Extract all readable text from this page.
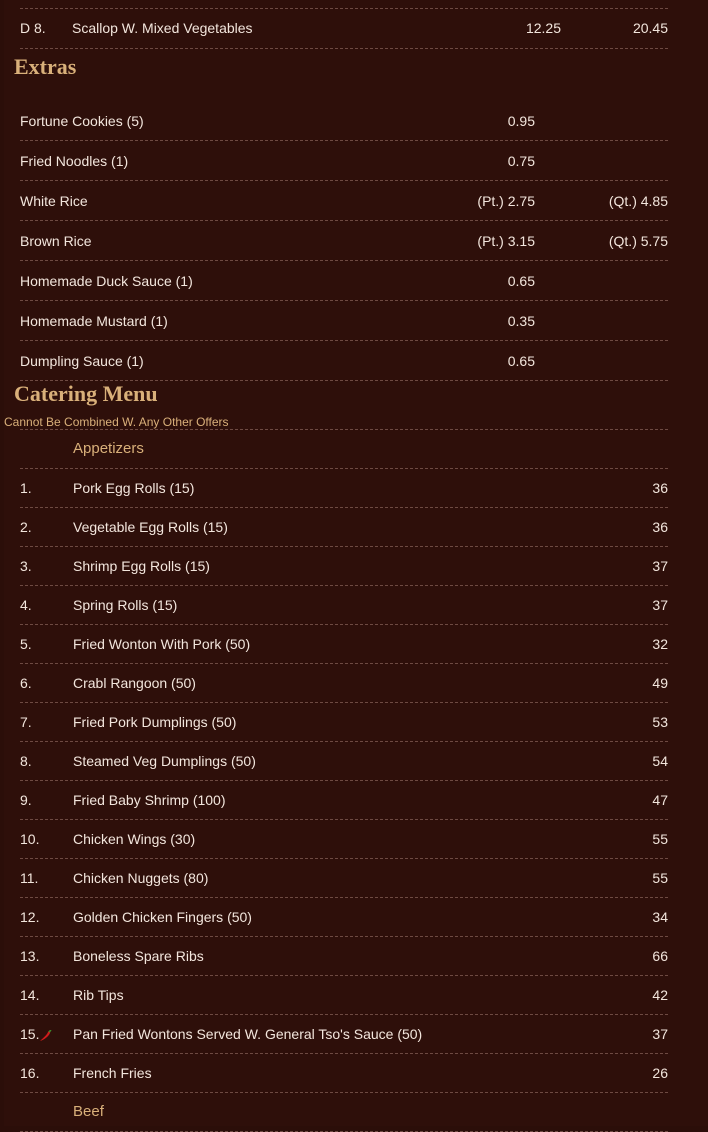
D 8. Scallop W. Mixed Vegetables	12.25	20.45
Extras
Fortune Cookies (5)	0.95
Fried Noodles (1)	0.75
White Rice	(Pt.) 2.75	(Qt.) 4.85
Brown Rice	(Pt.) 3.15	(Qt.) 5.75
Homemade Duck Sauce (1)	0.65
Homemade Mustard (1)	0.35
Dumpling Sauce (1)	0.65
Catering Menu
Cannot Be Combined W. Any Other Offers
Appetizers
1.	Pork Egg Rolls (15)	36
2.	Vegetable Egg Rolls (15)	36
3.	Shrimp Egg Rolls (15)	37
4.	Spring Rolls (15)	37
5.	Fried Wonton With Pork (50)	32
6.	Crabl Rangoon (50)	49
7.	Fried Pork Dumplings (50)	53
8.	Steamed Veg Dumplings (50)	54
9.	Fried Baby Shrimp (100)	47
10. Chicken Wings (30)	55
11. Chicken Nuggets (80)	55
12. Golden Chicken Fingers (50)	34
13. Boneless Spare Ribs	66
14. Rib Tips	42
15.	Pan Fried Wontons Served W. General Tso's Sauce (50)	37
16. French Fries	26
Beef
